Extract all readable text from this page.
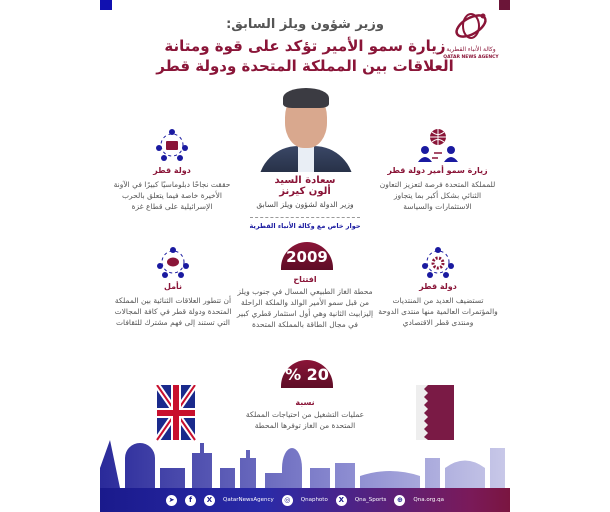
وزير شؤون ويلز السابق:
زيارة سمو الأمير تؤكد على قوة ومتانة
العلاقات بين المملكة المتحدة ودولة قطر
وكالة الأنباء القطرية
QATAR NEWS AGENCY
سعادة السيد
ألون كيرنز
وزير الدولة لشؤون ويلز السابق
حوار خاص مع وكالة الأنباء القطرية
زيارة سمو أمير دولة قطر
للمملكة المتحدة فرصة لتعزيز التعاون الثنائي بشكل أكبر بما يتجاوز الاستثمارات والسياسة
دولة قطر
حققت نجاحًا دبلوماسيًا كبيرًا في الآونة الأخيرة خاصة فيما يتعلق بالحرب الإسرائيلية على قطاع غزة
دولة قطر
تستضيف العديد من المنتديات والمؤتمرات العالمية منها منتدى الدوحة ومنتدى قطر الاقتصادي
نأمل
أن تتطور العلاقات الثنائية بين المملكة المتحدة ودولة قطر في كافة المجالات التي تستند إلى فهم مشترك للثقافات
2009
افتتاح
محطة الغاز الطبيعي المسال في جنوب ويلز من قبل سمو الأمير الوالد والملكة الراحلة إليزابيث الثانية وهي أول استثمار قطري كبير في مجال الطاقة بالمملكة المتحدة
% 20
نسبة
عمليات التشغيل من احتياجات المملكة المتحدة من الغاز توفرها المحطة
➤	f	X	QatarNewsAgency	◎	Qnaphoto	X	Qna_Sports	⊕	Qna.org.qa
